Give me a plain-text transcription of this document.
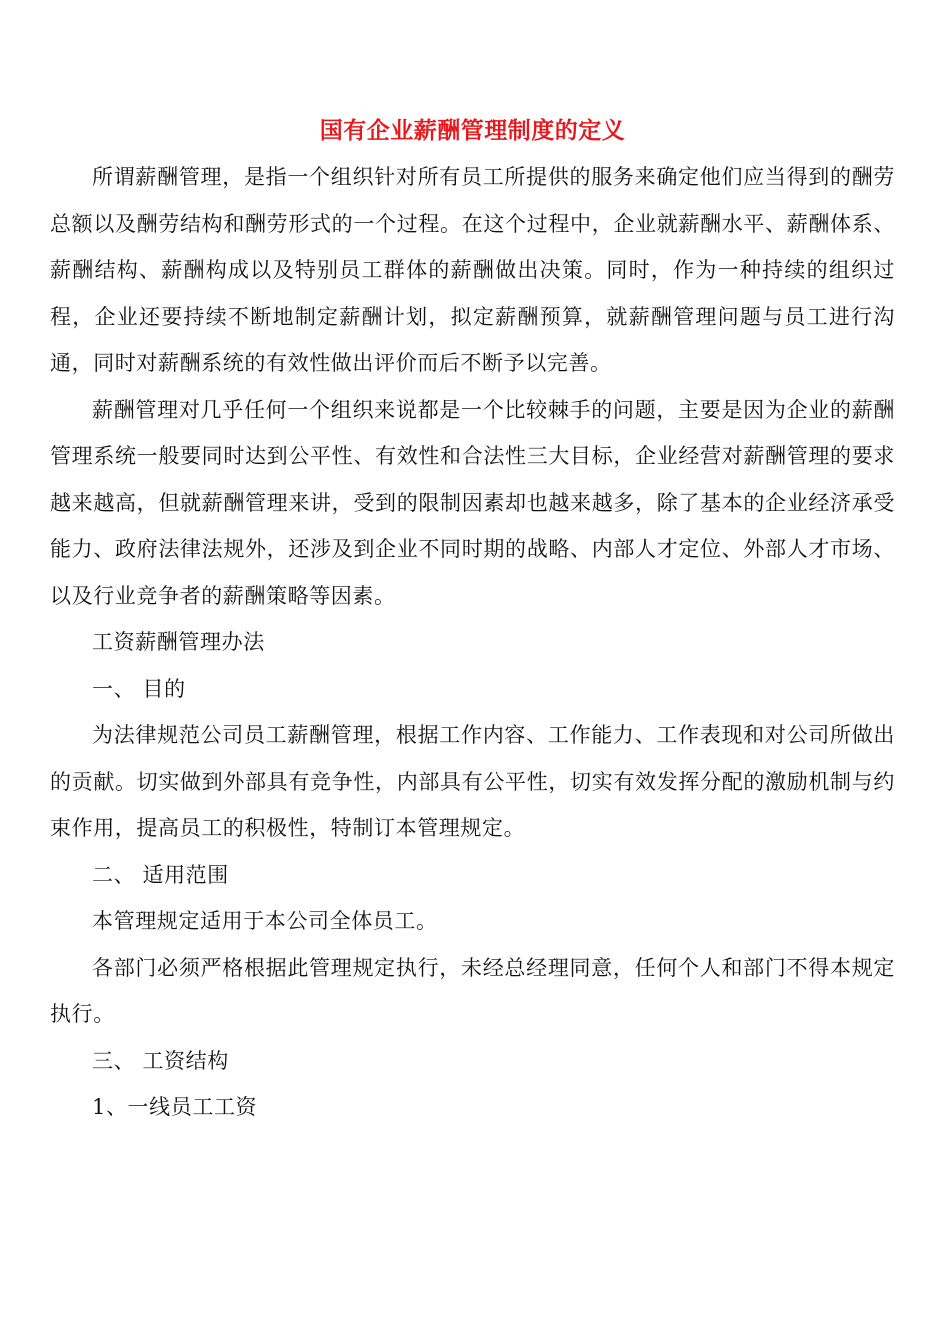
国有企业薪酬管理制度的定义

所谓薪酬管理，是指一个组织针对所有员工所提供的服务来确定他们应当得到的酬劳总额以及酬劳结构和酬劳形式的一个过程。在这个过程中，企业就薪酬水平、薪酬体系、薪酬结构、薪酬构成以及特别员工群体的薪酬做出决策。同时，作为一种持续的组织过程，企业还要持续不断地制定薪酬计划，拟定薪酬预算，就薪酬管理问题与员工进行沟通，同时对薪酬系统的有效性做出评价而后不断予以完善。

薪酬管理对几乎任何一个组织来说都是一个比较棘手的问题，主要是因为企业的薪酬管理系统一般要同时达到公平性、有效性和合法性三大目标，企业经营对薪酬管理的要求越来越高，但就薪酬管理来讲，受到的限制因素却也越来越多，除了基本的企业经济承受能力、政府法律法规外，还涉及到企业不同时期的战略、内部人才定位、外部人才市场、以及行业竞争者的薪酬策略等因素。

工资薪酬管理办法

一、 目的

为法律规范公司员工薪酬管理，根据工作内容、工作能力、工作表现和对公司所做出的贡献。切实做到外部具有竞争性，内部具有公平性，切实有效发挥分配的激励机制与约束作用，提高员工的积极性，特制订本管理规定。

二、 适用范围

本管理规定适用于本公司全体员工。

各部门必须严格根据此管理规定执行，未经总经理同意，任何个人和部门不得本规定执行。

三、 工资结构

1、一线员工工资
